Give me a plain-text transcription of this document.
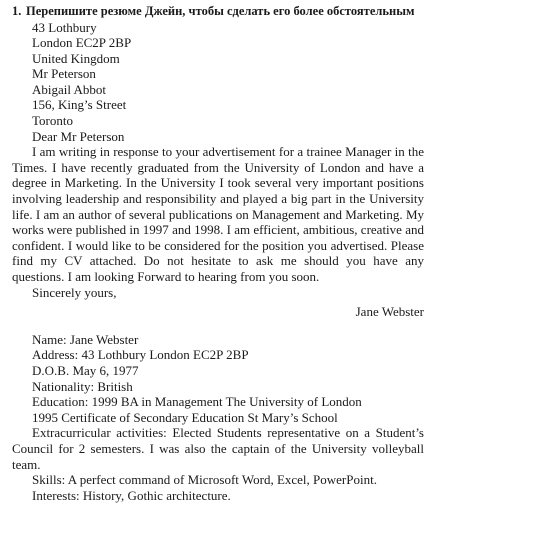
1. Перепишите резюме Джейн, чтобы сделать его более обстоятельным

43 Lothbury
London EC2P 2BP
United Kingdom
Mr Peterson
Abigail Abbot
156, King’s Street
Toronto
Dear Mr Peterson

I am writing in response to your advertisement for a trainee Manager in the Times. I have recently graduated from the University of London and have a degree in Marketing. In the University I took several very important positions involving leadership and responsibility and played a big part in the University life. I am an author of several publications on Management and Marketing. My works were published in 1997 and 1998. I am efficient, ambitious, creative and confident. I would like to be considered for the position you advertised. Please find my CV attached. Do not hesitate to ask me should you have any questions. I am looking Forward to hearing from you soon.

Sincerely yours,

Jane Webster

Name: Jane Webster
Address: 43 Lothbury London EC2P 2BP
D.O.B. May 6, 1977
Nationality: British
Education: 1999 BA in Management The University of London
1995 Certificate of Secondary Education St Mary’s School

Extracurricular activities: Elected Students representative on a Student’s Council for 2 semesters. I was also the captain of the University volleyball team.

Skills: A perfect command of Microsoft Word, Excel, PowerPoint.
Interests: History, Gothic architecture.
